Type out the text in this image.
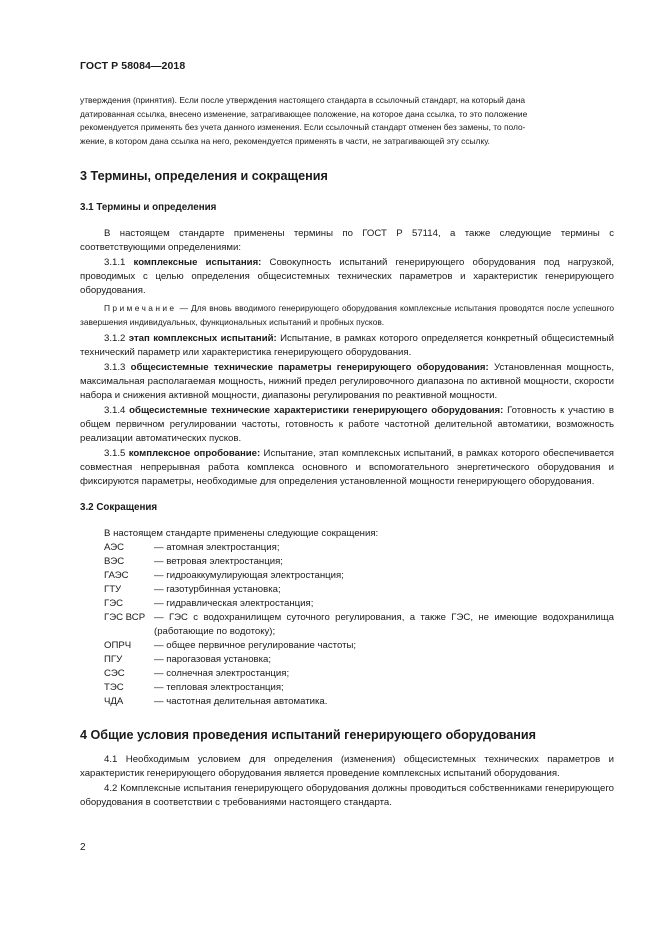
ГОСТ Р 58084—2018
утверждения (принятия). Если после утверждения настоящего стандарта в ссылочный стандарт, на который дана
датированная ссылка, внесено изменение, затрагивающее положение, на которое дана ссылка, то это положение
рекомендуется применять без учета данного изменения. Если ссылочный стандарт отменен без замены, то поло-
жение, в котором дана ссылка на него, рекомендуется применять в части, не затрагивающей эту ссылку.
3 Термины, определения и сокращения
3.1 Термины и определения

В настоящем стандарте применены термины по ГОСТ Р 57114, а также следующие термины с соответствующими определениями:

3.1.1 комплексные испытания: Совокупность испытаний генерирующего оборудования под нагрузкой, проводимых с целью определения общесистемных технических параметров и характеристик генерирующего оборудования.

Примечание — Для вновь вводимого генерирующего оборудования комплексные испытания проводятся после успешного завершения индивидуальных, функциональных испытаний и пробных пусков.

3.1.2 этап комплексных испытаний: Испытание, в рамках которого определяется конкретный общесистемный технический параметр или характеристика генерирующего оборудования.

3.1.3 общесистемные технические параметры генерирующего оборудования: Установленная мощность, максимальная располагаемая мощность, нижний предел регулировочного диапазона по активной мощности, скорости набора и снижения активной мощности, диапазоны регулирования по реактивной мощности.

3.1.4 общесистемные технические характеристики генерирующего оборудования: Готовность к участию в общем первичном регулировании частоты, готовность к работе частотной делительной автоматики, возможность реализации автоматических пусков.

3.1.5 комплексное опробование: Испытание, этап комплексных испытаний, в рамках которого обеспечивается совместная непрерывная работа комплекса основного и вспомогательного энергетического оборудования и фиксируются параметры, необходимые для определения установленной мощности генерирующего оборудования.

3.2 Сокращения

В настоящем стандарте применены следующие сокращения:

АЭС	— атомная электростанция;
ВЭС	— ветровая электростанция;
ГАЭС	— гидроаккумулирующая электростанция;
ГТУ	— газотурбинная установка;
ГЭС	— гидравлическая электростанция;
ГЭС ВСР — ГЭС с водохранилищем суточного регулирования, а также ГЭС, не имеющие водохранилища (работающие по водотоку);
ОПРЧ	— общее первичное регулирование частоты;
ПГУ	— парогазовая установка;
СЭС	— солнечная электростанция;
ТЭС	— тепловая электростанция;
ЧДА	— частотная делительная автоматика.
4 Общие условия проведения испытаний генерирующего оборудования

4.1 Необходимым условием для определения (изменения) общесистемных технических параметров и характеристик генерирующего оборудования является проведение комплексных испытаний оборудования.

4.2 Комплексные испытания генерирующего оборудования должны проводиться собственниками генерирующего оборудования в соответствии с требованиями настоящего стандарта.

2
